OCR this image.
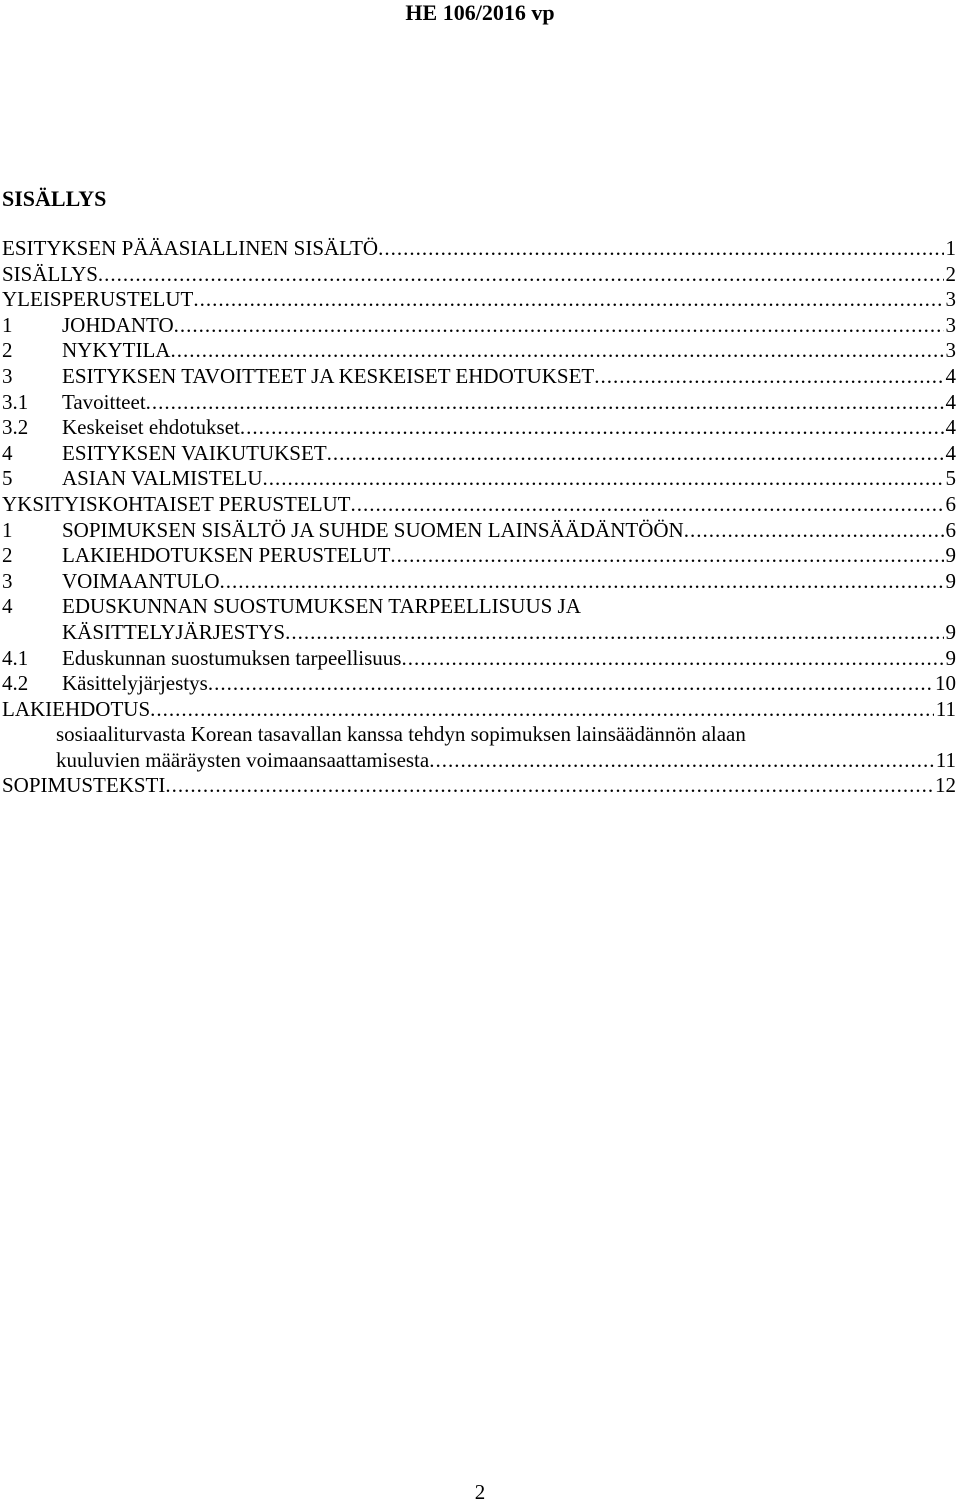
HE 106/2016 vp
SISÄLLYS
ESITYKSEN PÄÄASIALLINEN SISÄLTÖ .....	1
SISÄLLYS .....	2
YLEISPERUSTELUT .....	3
1	JOHDANTO .....	3
2	NYKYTILA .....	3
3	ESITYKSEN TAVOITTEET JA KESKEISET EHDOTUKSET .....	4
3.1	Tavoitteet .....	4
3.2	Keskeiset ehdotukset .....	4
4	ESITYKSEN VAIKUTUKSET .....	4
5	ASIAN VALMISTELU .....	5
YKSITYISKOHTAISET PERUSTELUT .....	6
1	SOPIMUKSEN SISÄLTÖ JA SUHDE SUOMEN LAINSÄÄDÄNTÖÖN .....	6
2	LAKIEHDOTUKSEN PERUSTELUT .....	9
3	VOIMAANTULO .....	9
4 EDUSKUNNAN SUOSTUMUKSEN TARPEELLISUUS JA
KÄSITTELYJÄRJESTYS .....	9
4.1	Eduskunnan suostumuksen tarpeellisuus .....	9
4.2	Käsittelyjärjestys .....	10
LAKIEHDOTUS .....	11
sosiaaliturvasta Korean tasavallan kanssa tehdyn sopimuksen lainsäädännön alaan
kuuluvien määräysten voimaansaattamisesta .....	11
SOPIMUSTEKSTI .....	12
2
